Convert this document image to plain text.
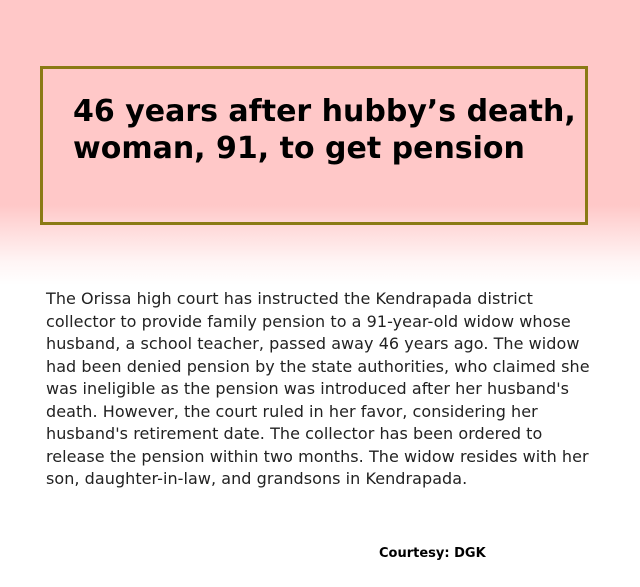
46 years after hubby’s death, woman, 91, to get pension

The Orissa high court has instructed the Kendrapada district collector to provide family pension to a 91-year-old widow whose husband, a school teacher, passed away 46 years ago. The widow had been denied pension by the state authorities, who claimed she was ineligible as the pension was introduced after her husband's death. However, the court ruled in her favor, considering her husband's retirement date. The collector has been ordered to release the pension within two months. The widow resides with her son, daughter-in-law, and grandsons in Kendrapada.

Courtesy: DGK
